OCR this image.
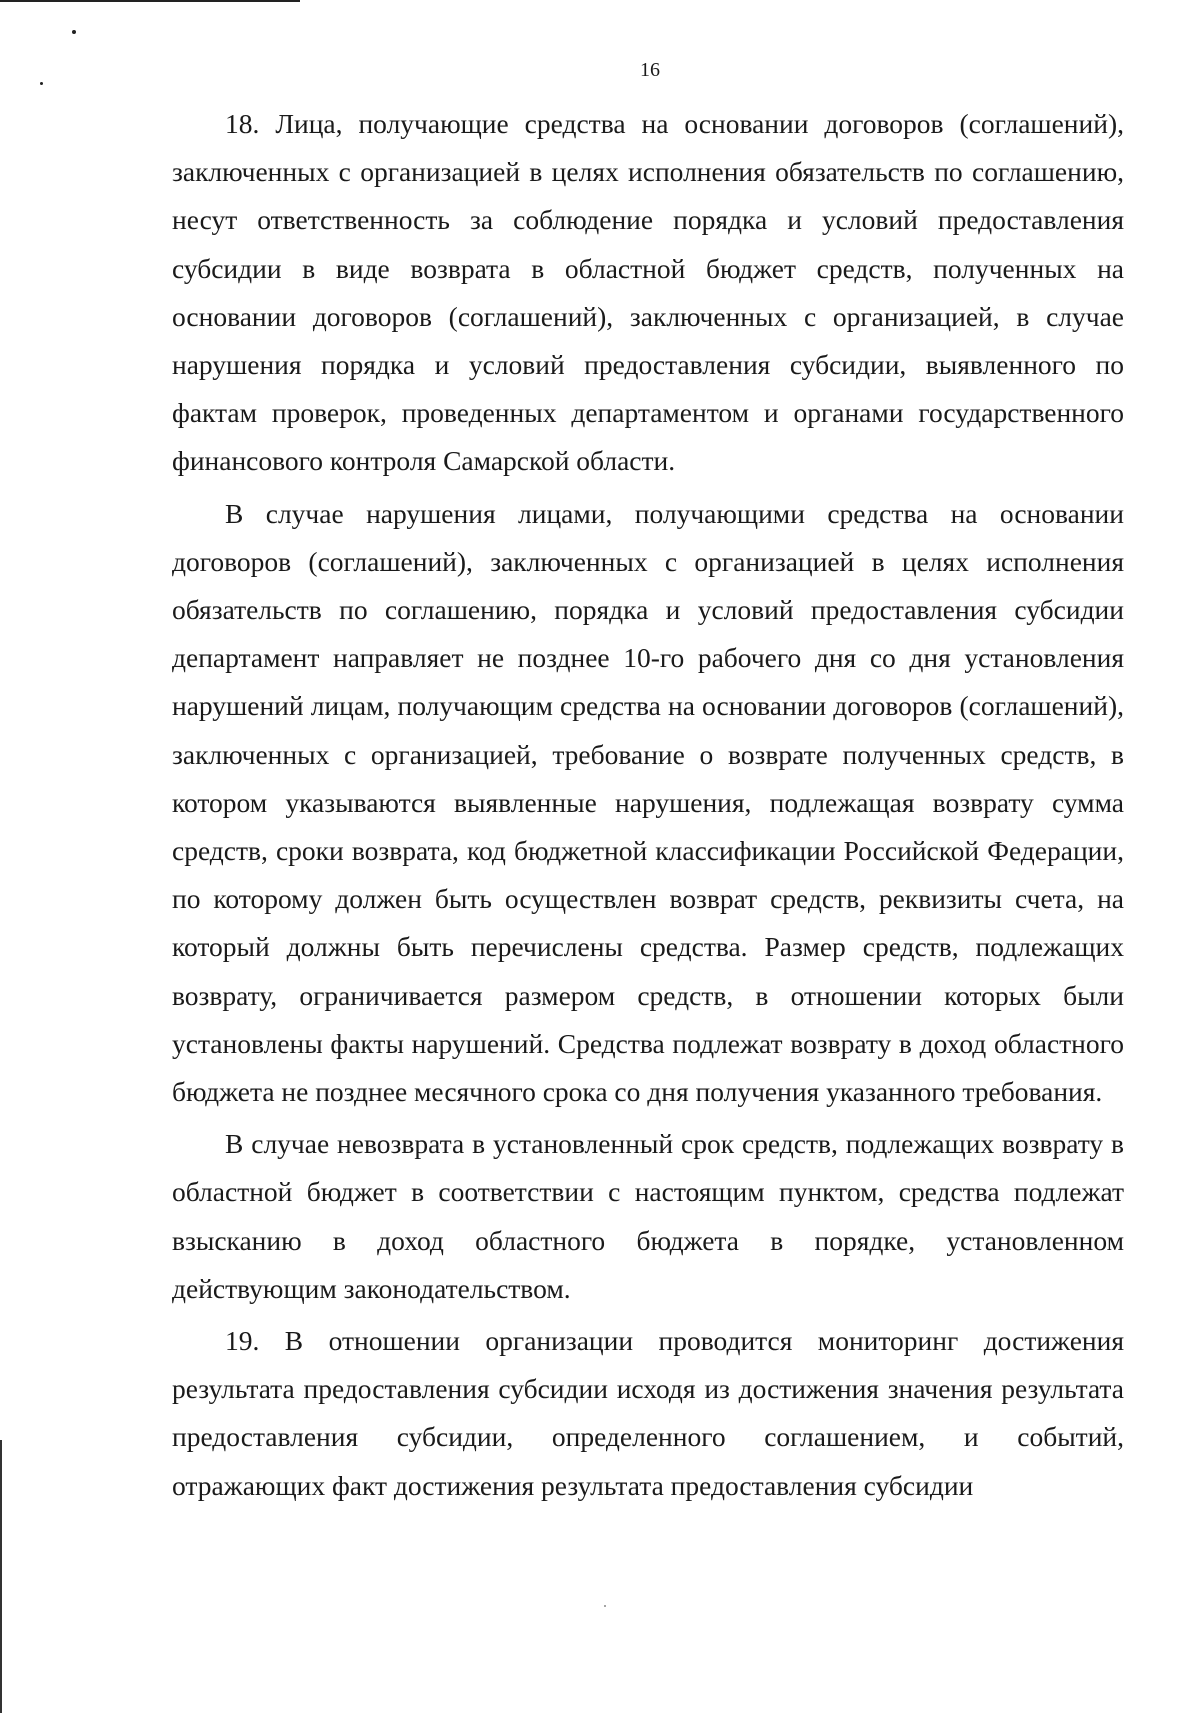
16

18. Лица, получающие средства на основании договоров (соглашений), заключенных с организацией в целях исполнения обязательств по соглашению, несут ответственность за соблюдение порядка и условий предоставления субсидии в виде возврата в областной бюджет средств, полученных на основании договоров (соглашений), заключенных с организацией, в случае нарушения порядка и условий предоставления субсидии, выявленного по фактам проверок, проведенных департаментом и органами государственного финансового контроля Самарской области.

В случае нарушения лицами, получающими средства на основании договоров (соглашений), заключенных с организацией в целях исполнения обязательств по соглашению, порядка и условий предоставления субсидии департамент направляет не позднее 10-го рабочего дня со дня установления нарушений лицам, получающим средства на основании договоров (соглашений), заключенных с организацией, требование о возврате полученных средств, в котором указываются выявленные нарушения, подлежащая возврату сумма средств, сроки возврата, код бюджетной классификации Российской Федерации, по которому должен быть осуществлен возврат средств, реквизиты счета, на который должны быть перечислены средства. Размер средств, подлежащих возврату, ограничивается размером средств, в отношении которых были установлены факты нарушений. Средства подлежат возврату в доход областного бюджета не позднее месячного срока со дня получения указанного требования.

В случае невозврата в установленный срок средств, подлежащих возврату в областной бюджет в соответствии с настоящим пунктом, средства подлежат взысканию в доход областного бюджета в порядке, установленном действующим законодательством.

19. В отношении организации проводится мониторинг достижения результата предоставления субсидии исходя из достижения значения результата предоставления субсидии, определенного соглашением, и событий, отражающих факт достижения результата предоставления субсидии
